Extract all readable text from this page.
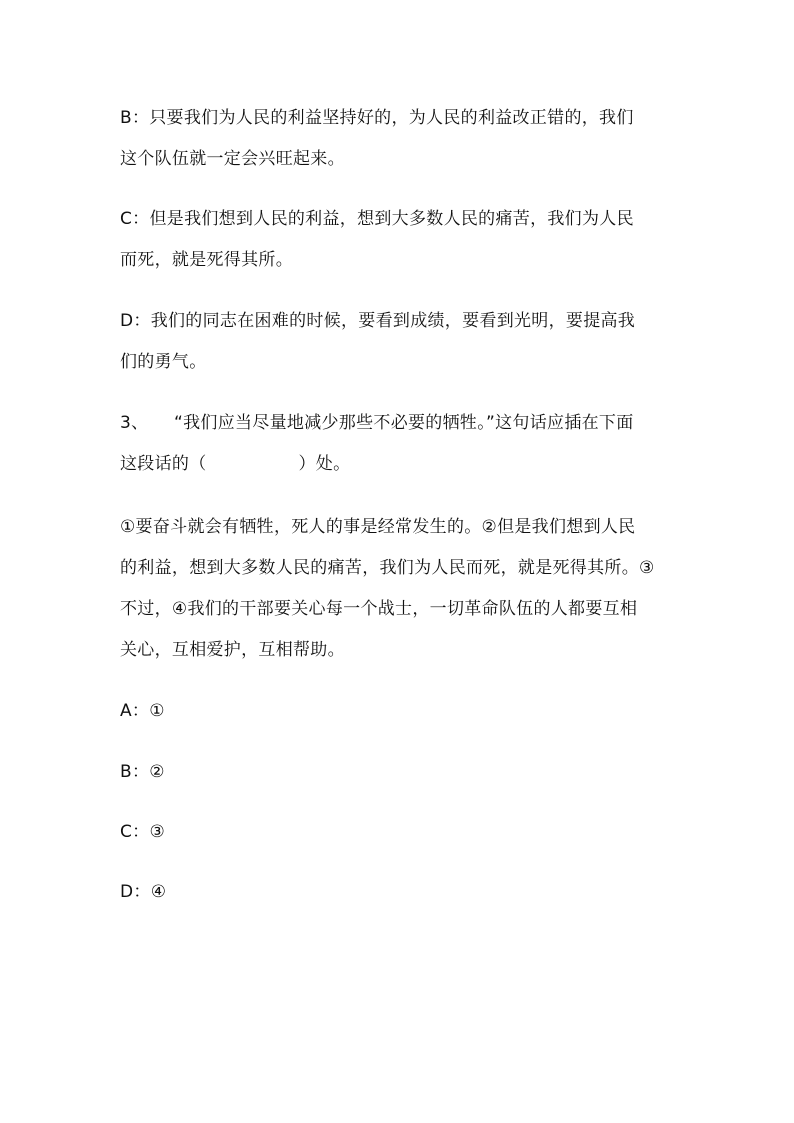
B：只要我们为人民的利益坚持好的，为人民的利益改正错的，我们
这个队伍就一定会兴旺起来。
C：但是我们想到人民的利益，想到大多数人民的痛苦，我们为人民
而死，就是死得其所。
D：我们的同志在困难的时候，要看到成绩，要看到光明，要提高我
们的勇气。
3、 “我们应当尽量地减少那些不必要的牺牲。”这句话应插在下面
这段话的（	）处。
①要奋斗就会有牺牲，死人的事是经常发生的。②但是我们想到人民
的利益，想到大多数人民的痛苦，我们为人民而死，就是死得其所。③
不过，④我们的干部要关心每一个战士，一切革命队伍的人都要互相
关心，互相爱护，互相帮助。
A：①
B：②
C：③
D：④
